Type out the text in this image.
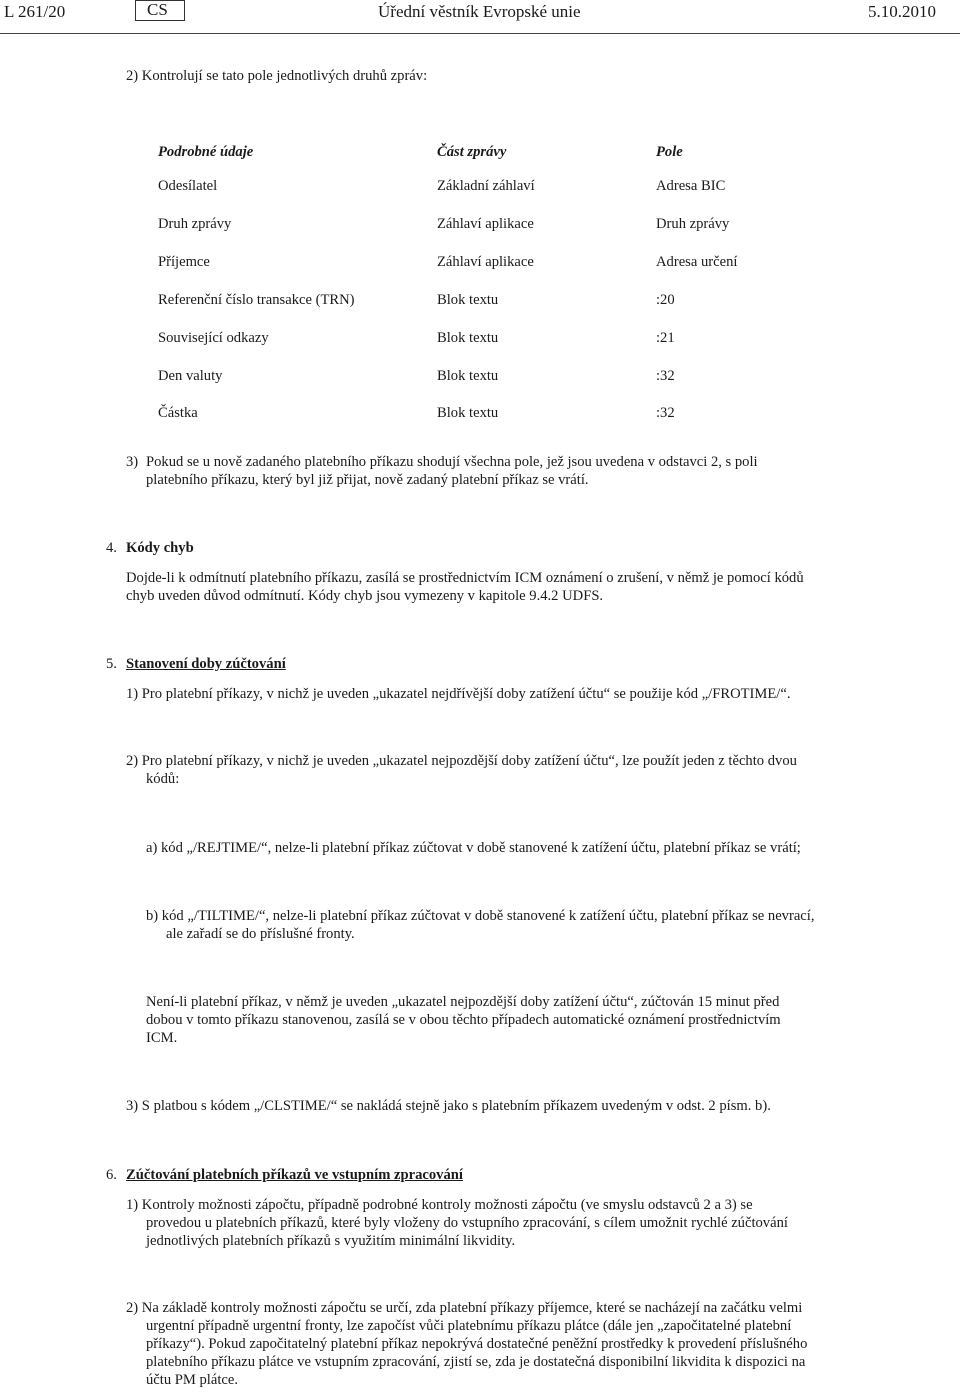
L 261/20	CS	Úřední věstník Evropské unie	5.10.2010
2) Kontrolují se tato pole jednotlivých druhů zpráv:
Podrobné údaje	Část zprávy	Pole
Odesílatel	Základní záhlaví	Adresa BIC
Druh zprávy	Záhlaví aplikace	Druh zprávy
Příjemce	Záhlaví aplikace	Adresa určení
Referenční číslo transakce (TRN)	Blok textu	:20
Související odkazy	Blok textu	:21
Den valuty	Blok textu	:32
Částka	Blok textu	:32
3) Pokud se u nově zadaného platebního příkazu shodují všechna pole, jež jsou uvedena v odstavci 2, s poli
platebního příkazu, který byl již přijat, nově zadaný platební příkaz se vrátí.
4. Kódy chyb
Dojde-li k odmítnutí platebního příkazu, zasílá se prostřednictvím ICM oznámení o zrušení, v němž je pomocí kódů
chyb uveden důvod odmítnutí. Kódy chyb jsou vymezeny v kapitole 9.4.2 UDFS.
5. Stanovení doby zúčtování
1) Pro platební příkazy, v nichž je uveden „ukazatel nejdřívější doby zatížení účtu“ se použije kód „/FROTIME/“.
2) Pro platební příkazy, v nichž je uveden „ukazatel nejpozdější doby zatížení účtu“, lze použít jeden z těchto dvou
kódů:
a) kód „/REJTIME/“, nelze-li platební příkaz zúčtovat v době stanovené k zatížení účtu, platební příkaz se vrátí;
b) kód „/TILTIME/“, nelze-li platební příkaz zúčtovat v době stanovené k zatížení účtu, platební příkaz se nevrací,
ale zařadí se do příslušné fronty.
Není-li platební příkaz, v němž je uveden „ukazatel nejpozdější doby zatížení účtu“, zúčtován 15 minut před
dobou v tomto příkazu stanovenou, zasílá se v obou těchto případech automatické oznámení prostřednictvím
ICM.
3) S platbou s kódem „/CLSTIME/“ se nakládá stejně jako s platebním příkazem uvedeným v odst. 2 písm. b).
6. Zúčtování platebních příkazů ve vstupním zpracování
1) Kontroly možnosti zápočtu, případně podrobné kontroly možnosti zápočtu (ve smyslu odstavců 2 a 3) se
provedou u platebních příkazů, které byly vloženy do vstupního zpracování, s cílem umožnit rychlé zúčtování
jednotlivých platebních příkazů s využitím minimální likvidity.
2) Na základě kontroly možnosti zápočtu se určí, zda platební příkazy příjemce, které se nacházejí na začátku velmi
urgentní případně urgentní fronty, lze započíst vůči platebnímu příkazu plátce (dále jen „započitatelné platební
příkazy“). Pokud započitatelný platební příkaz nepokrývá dostatečné peněžní prostředky k provedení příslušného
platebního příkazu plátce ve vstupním zpracování, zjistí se, zda je dostatečná disponibilní likvidita k dispozici na
účtu PM plátce.
